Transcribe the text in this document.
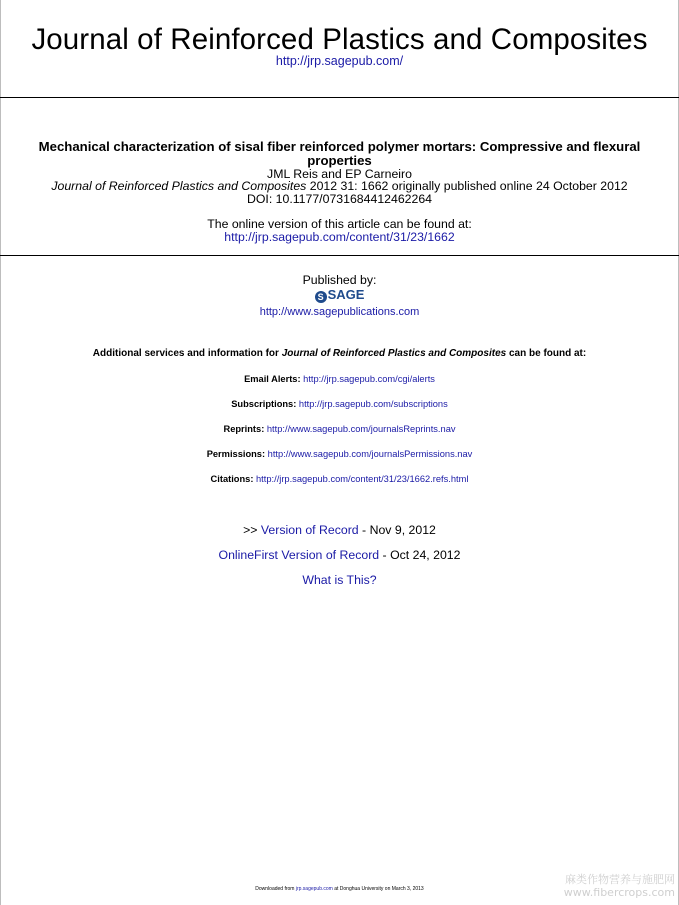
Journal of Reinforced Plastics and Composites
http://jrp.sagepub.com/
Mechanical characterization of sisal fiber reinforced polymer mortars: Compressive and flexural properties
JML Reis and EP Carneiro
Journal of Reinforced Plastics and Composites 2012 31: 1662 originally published online 24 October 2012
DOI: 10.1177/0731684412462264
The online version of this article can be found at:
http://jrp.sagepub.com/content/31/23/1662
Published by:
S SAGE
http://www.sagepublications.com
Additional services and information for Journal of Reinforced Plastics and Composites can be found at:
Email Alerts: http://jrp.sagepub.com/cgi/alerts
Subscriptions: http://jrp.sagepub.com/subscriptions
Reprints: http://www.sagepub.com/journalsReprints.nav
Permissions: http://www.sagepub.com/journalsPermissions.nav
Citations: http://jrp.sagepub.com/content/31/23/1662.refs.html
>> Version of Record - Nov 9, 2012
OnlineFirst Version of Record - Oct 24, 2012
What is This?
Downloaded from jrp.sagepub.com at Donghua University on March 3, 2013
麻类作物营养与施肥网
www.fibercrops.com
